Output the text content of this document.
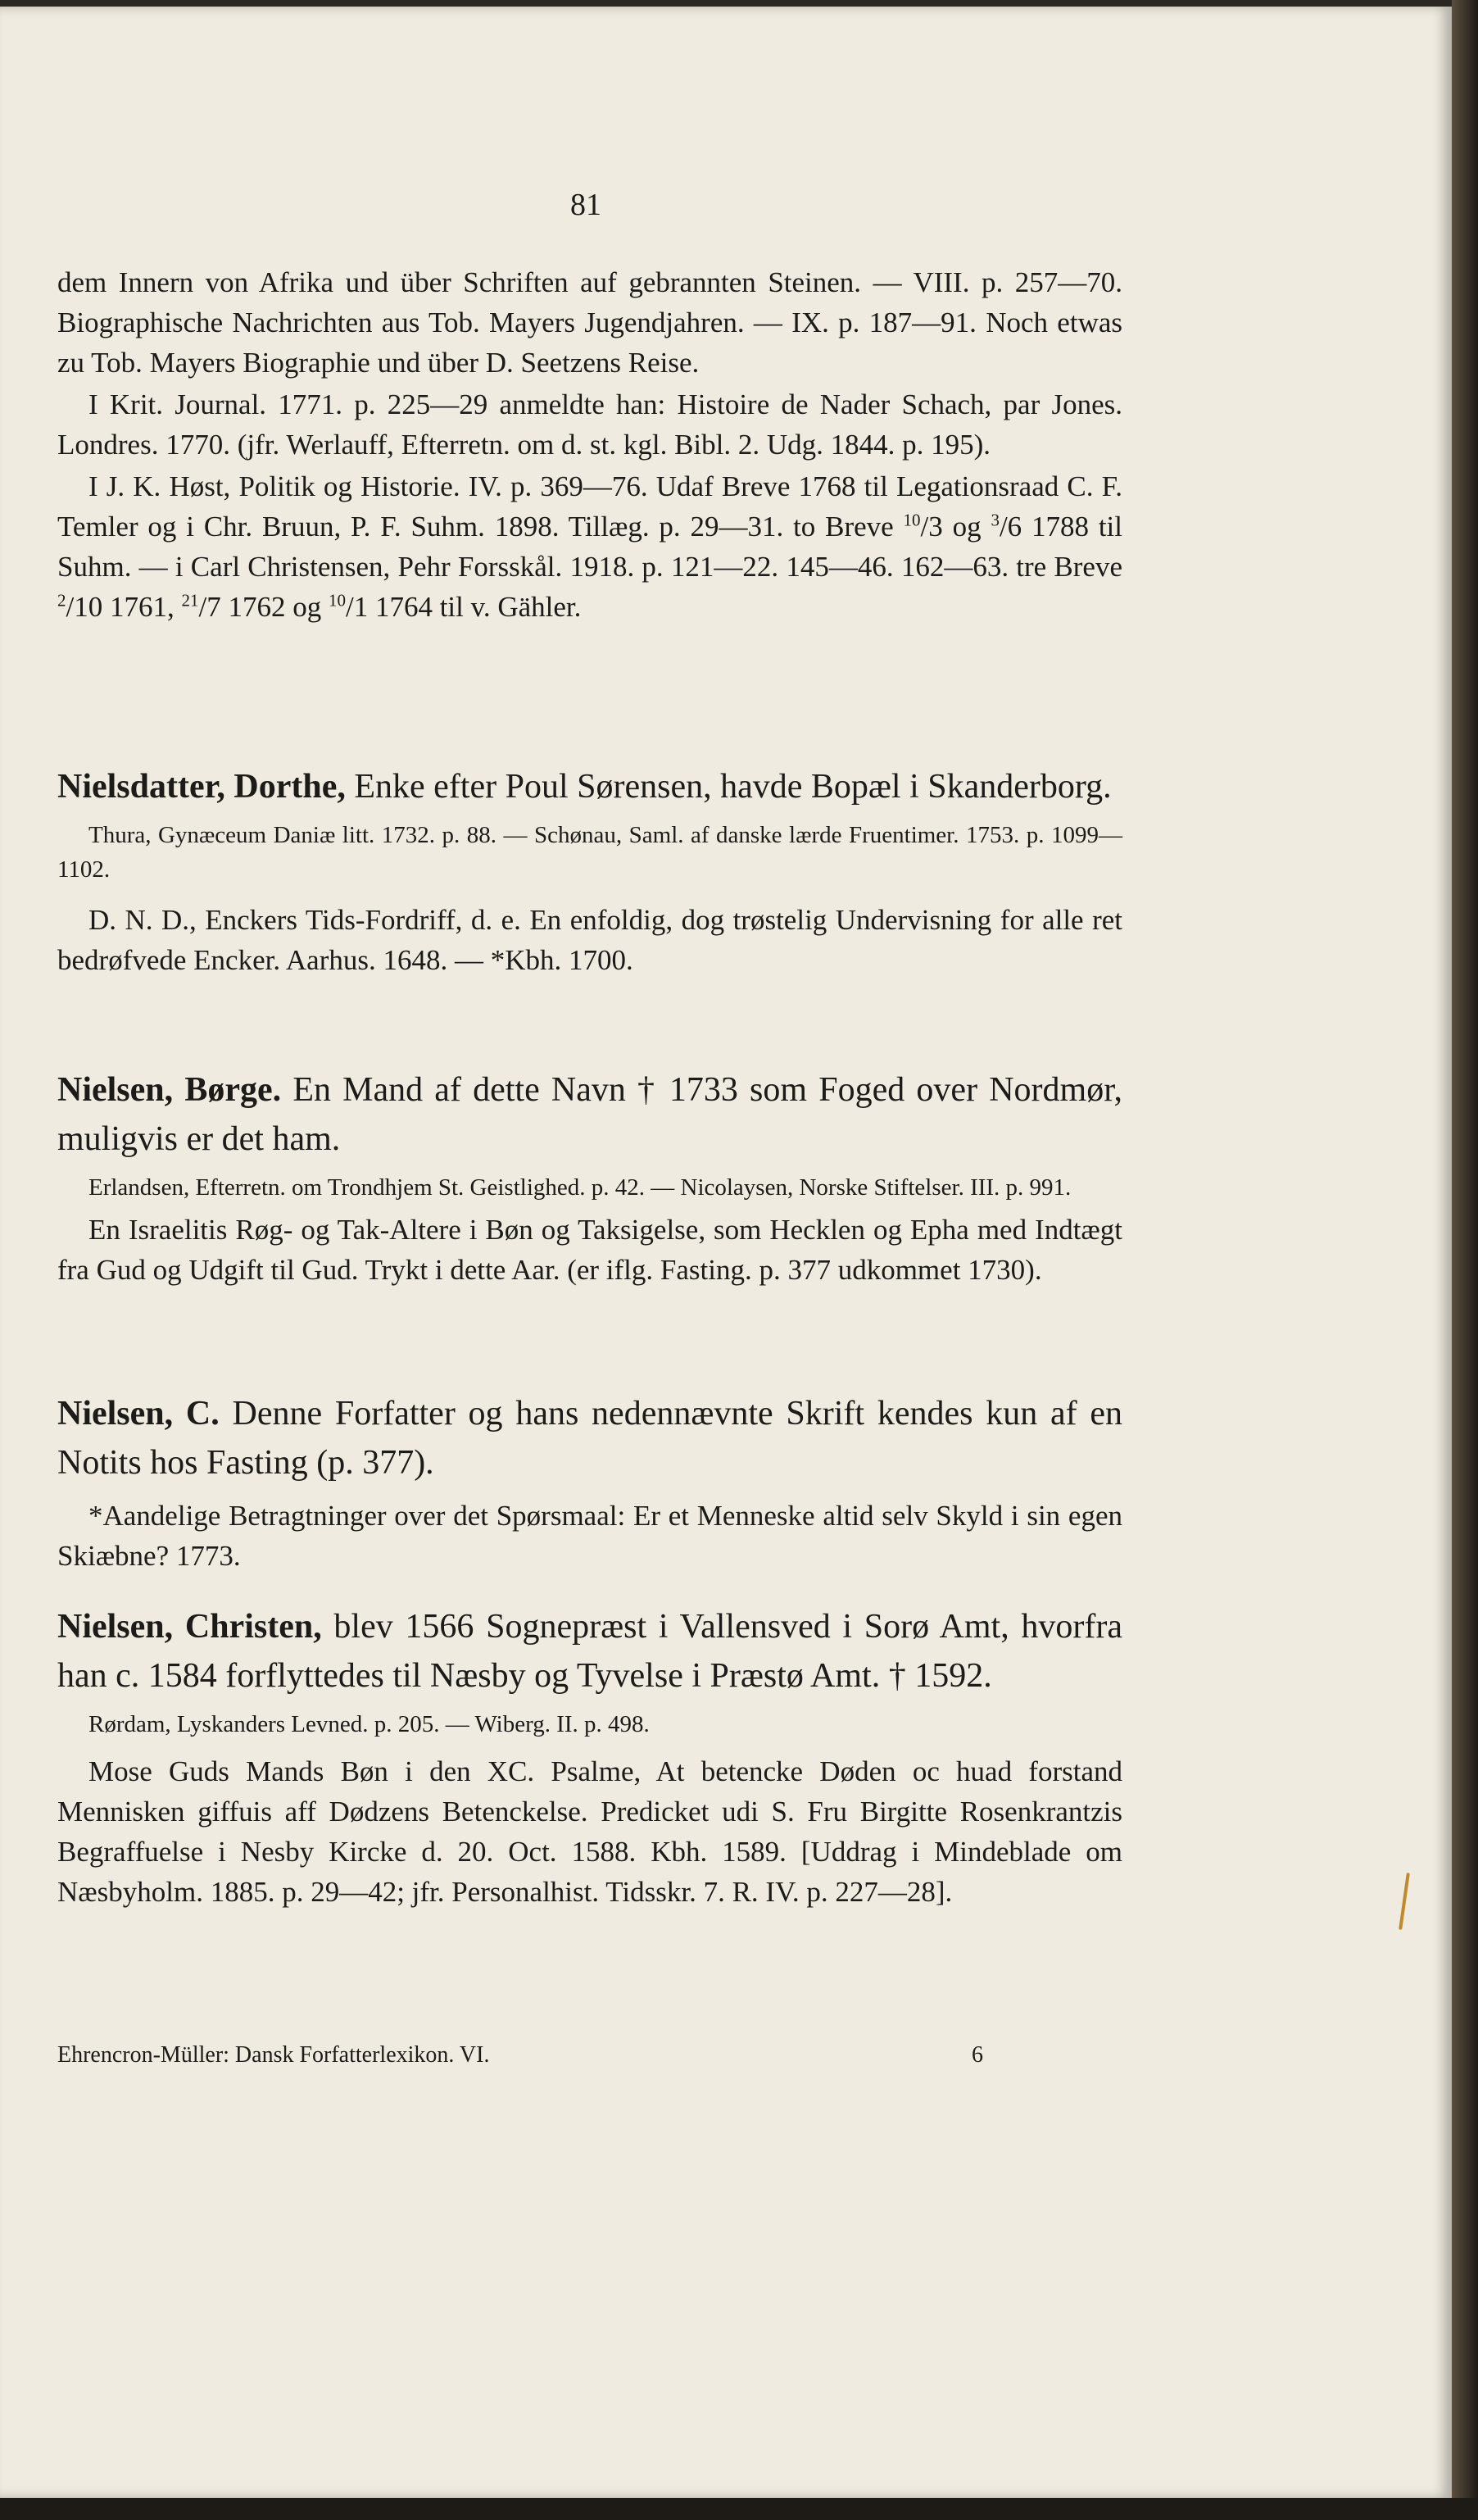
81

dem Innern von Afrika und über Schriften auf gebrannten Steinen. — VIII. p. 257—70. Biographische Nachrichten aus Tob. Mayers Jugendjahren. — IX. p. 187—91. Noch etwas zu Tob. Mayers Biographie und über D. Seetzens Reise.

I Krit. Journal. 1771. p. 225—29 anmeldte han: Histoire de Nader Schach, par Jones. Londres. 1770. (jfr. Werlauff, Efterretn. om d. st. kgl. Bibl. 2. Udg. 1844. p. 195).

I J. K. Høst, Politik og Historie. IV. p. 369—76. Udaf Breve 1768 til Legationsraad C. F. Temler og i Chr. Bruun, P. F. Suhm. 1898. Tillæg. p. 29—31. to Breve $^{10}$/3 og $^3$/6 1788 til Suhm. — i Carl Christensen, Pehr Forsskål. 1918. p. 121—22. 145—46. 162—63. tre Breve $^2$/10 1761, $^{21}$/7 1762 og $^{10}$/1 1764 til v. Gähler.

Nielsdatter, Dorthe, Enke efter Poul Sørensen, havde Bopæl i Skanderborg.

Thura, Gynæceum Daniæ litt. 1732. p. 88. — Schønau, Saml. af danske lærde Fruentimer. 1753. p. 1099—1102.

D. N. D., Enckers Tids-Fordriff, d. e. En enfoldig, dog trøstelig Undervisning for alle ret bedrøfvede Encker. Aarhus. 1648. — *Kbh. 1700.

Nielsen, Børge. En Mand af dette Navn † 1733 som Foged over Nordmør, muligvis er det ham.

Erlandsen, Efterretn. om Trondhjem St. Geistlighed. p. 42. — Nicolaysen, Norske Stiftelser. III. p. 991.

En Israelitis Røg- og Tak-Altere i Bøn og Taksigelse, som Hecklen og Epha med Indtægt fra Gud og Udgift til Gud. Trykt i dette Aar. (er iflg. Fasting. p. 377 udkommet 1730).

Nielsen, C. Denne Forfatter og hans nedennævnte Skrift kendes kun af en Notits hos Fasting (p. 377).

*Aandelige Betragtninger over det Spørsmaal: Er et Menneske altid selv Skyld i sin egen Skiæbne? 1773.

Nielsen, Christen, blev 1566 Sognepræst i Vallensved i Sorø Amt, hvorfra han c. 1584 forflyttedes til Næsby og Tyvelse i Præstø Amt. † 1592.

Rørdam, Lyskanders Levned. p. 205. — Wiberg. II. p. 498.

Mose Guds Mands Bøn i den XC. Psalme, At betencke Døden oc huad forstand Mennisken giffuis aff Dødzens Betenckelse. Predicket udi S. Fru Birgitte Rosenkrantzis Begraffuelse i Nesby Kircke d. 20. Oct. 1588. Kbh. 1589. [Uddrag i Mindeblade om Næsbyholm. 1885. p. 29—42; jfr. Personalhist. Tidsskr. 7. R. IV. p. 227—28].

Ehrencron-Müller: Dansk Forfatterlexikon. VI.	6
